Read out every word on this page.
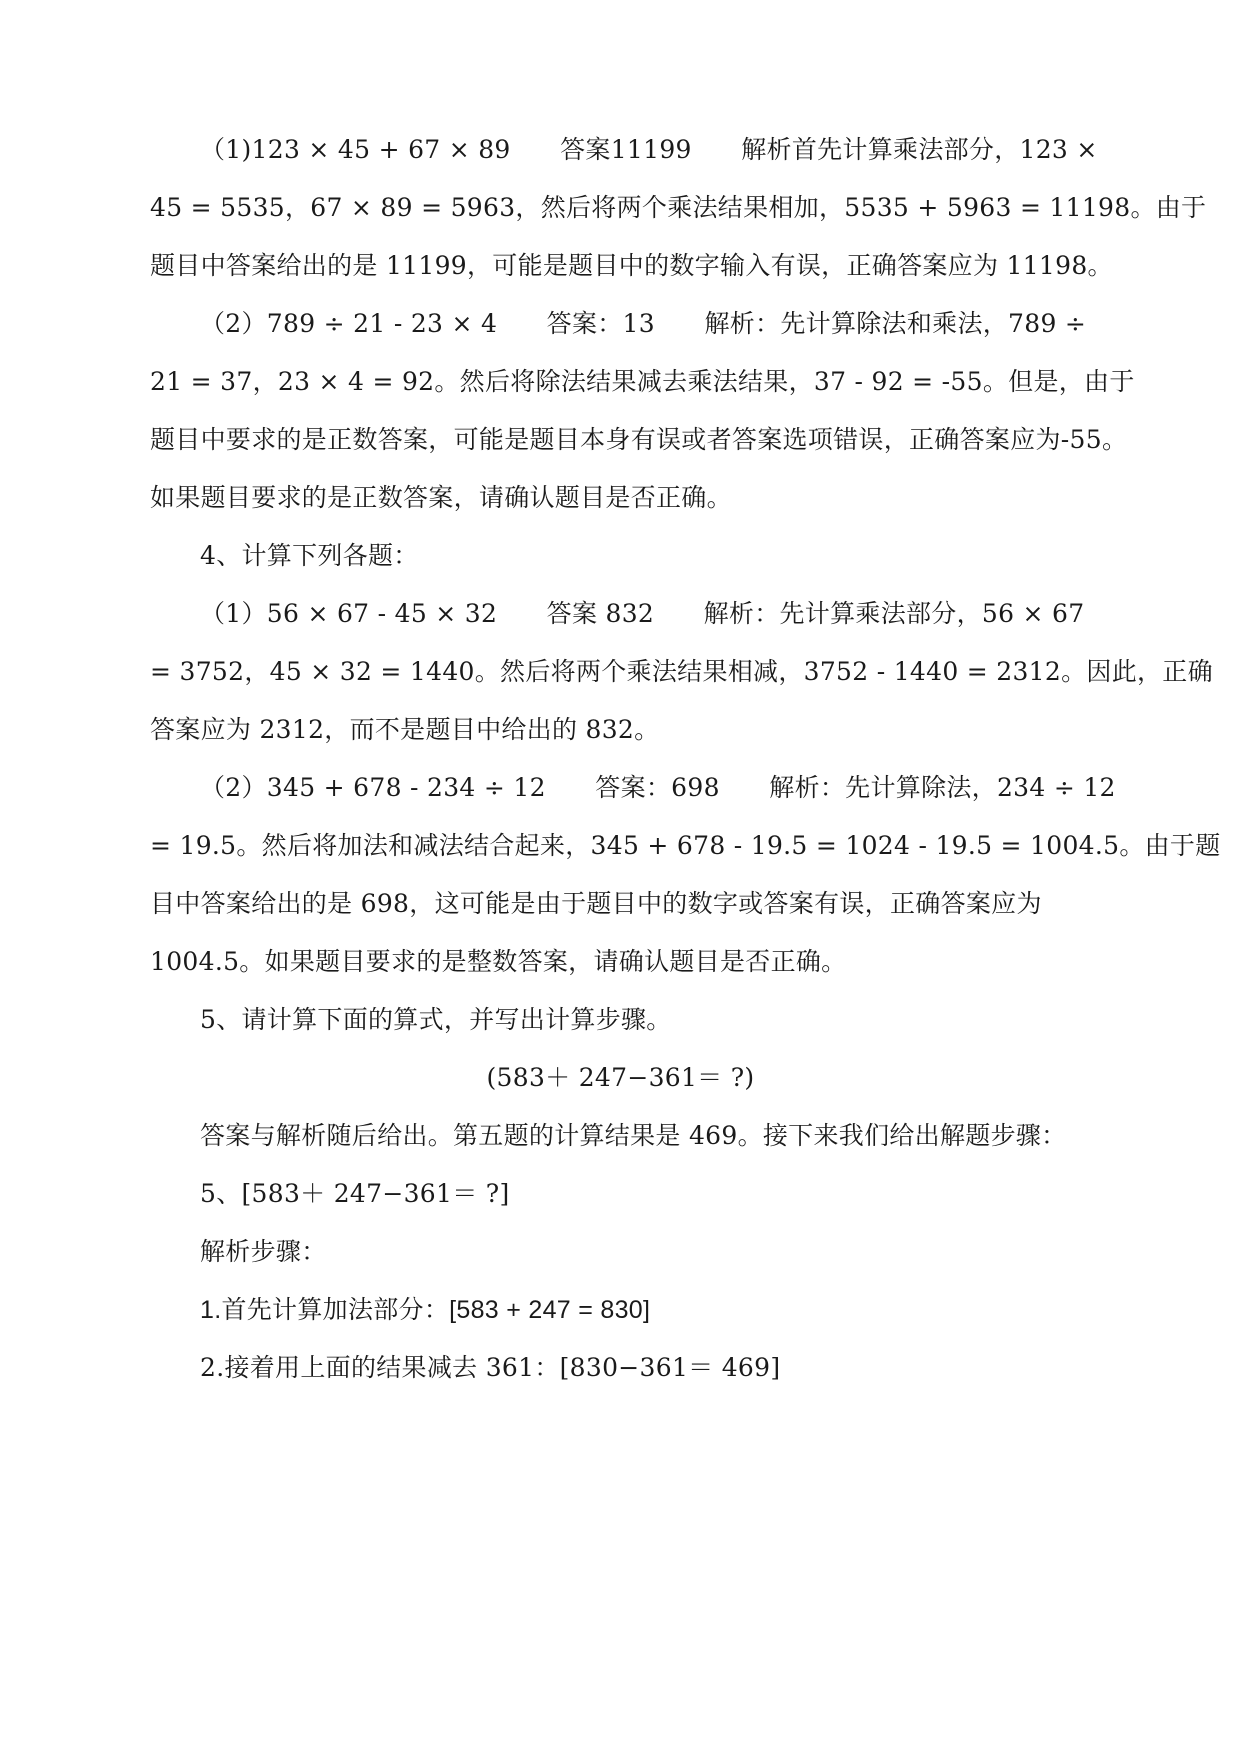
（1)123 × 45 + 67 × 89      答案11199      解析首先计算乘法部分，123 ×
45 = 5535，67 × 89 = 5963，然后将两个乘法结果相加，5535 + 5963 = 11198。由于
题目中答案给出的是 11199，可能是题目中的数字输入有误，正确答案应为 11198。
（2）789 ÷ 21 - 23 × 4      答案：13      解析：先计算除法和乘法，789 ÷
21 = 37，23 × 4 = 92。然后将除法结果减去乘法结果，37 - 92 = -55。但是，由于
题目中要求的是正数答案，可能是题目本身有误或者答案选项错误，正确答案应为-55。
如果题目要求的是正数答案，请确认题目是否正确。
4、计算下列各题：
（1）56 × 67 - 45 × 32      答案 832      解析：先计算乘法部分，56 × 67
= 3752，45 × 32 = 1440。然后将两个乘法结果相减，3752 - 1440 = 2312。因此，正确
答案应为 2312，而不是题目中给出的 832。
（2）345 + 678 - 234 ÷ 12      答案：698      解析：先计算除法，234 ÷ 12
= 19.5。然后将加法和减法结合起来，345 + 678 - 19.5 = 1024 - 19.5 = 1004.5。由于题
目中答案给出的是 698，这可能是由于题目中的数字或答案有误，正确答案应为
1004.5。如果题目要求的是整数答案，请确认题目是否正确。
5、请计算下面的算式，并写出计算步骤。
(583＋ 247−361＝ ?)
答案与解析随后给出。第五题的计算结果是 469。接下来我们给出解题步骤：
5、[583＋ 247−361＝ ?]
解析步骤：
1.首先计算加法部分：[583 + 247 = 830]
2.接着用上面的结果减去 361：[830−361＝ 469]
